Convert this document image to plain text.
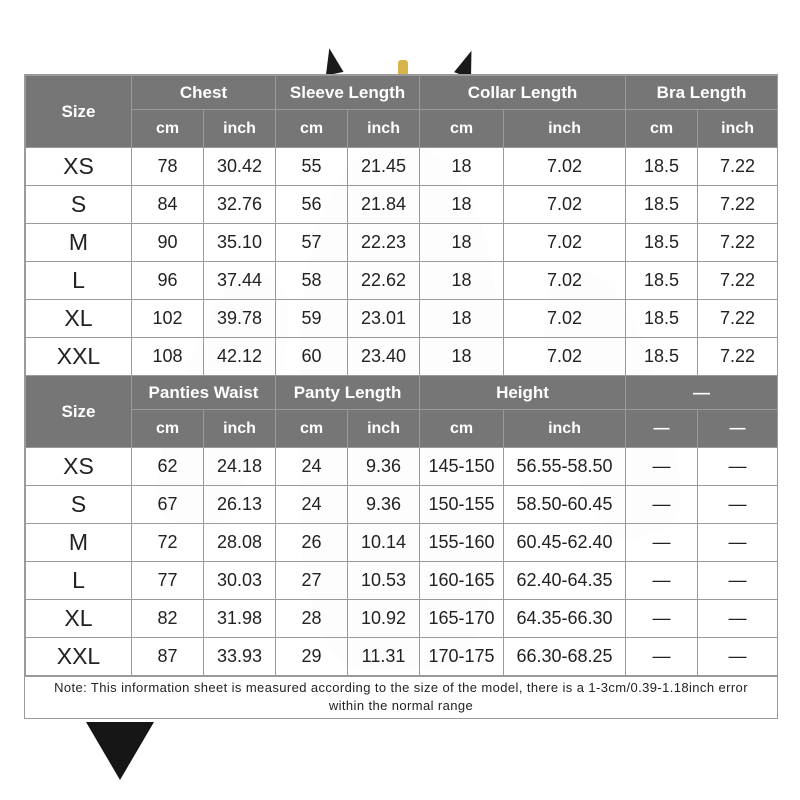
Size	Chest		Sleeve Length		Collar Length		Bra Length	
	cm	inch	cm	inch	cm	inch	cm	inch
XS	78	30.42	55	21.45	18	7.02	18.5	7.22
S	84	32.76	56	21.84	18	7.02	18.5	7.22
M	90	35.10	57	22.23	18	7.02	18.5	7.22
L	96	37.44	58	22.62	18	7.02	18.5	7.22
XL	102	39.78	59	23.01	18	7.02	18.5	7.22
XXL	108	42.12	60	23.40	18	7.02	18.5	7.22
Size	Panties Waist		Panty Length		Height		—	
	cm	inch	cm	inch	cm	inch	—	—
XS	62	24.18	24	9.36	145-150	56.55-58.50	—	—
S	67	26.13	24	9.36	150-155	58.50-60.45	—	—
M	72	28.08	26	10.14	155-160	60.45-62.40	—	—
L	77	30.03	27	10.53	160-165	62.40-64.35	—	—
XL	82	31.98	28	10.92	165-170	64.35-66.30	—	—
XXL	87	33.93	29	11.31	170-175	66.30-68.25	—	—
Note: This information sheet is measured according to the size of the model, there is a 1-3cm/0.39-1.18inch error within the normal range
